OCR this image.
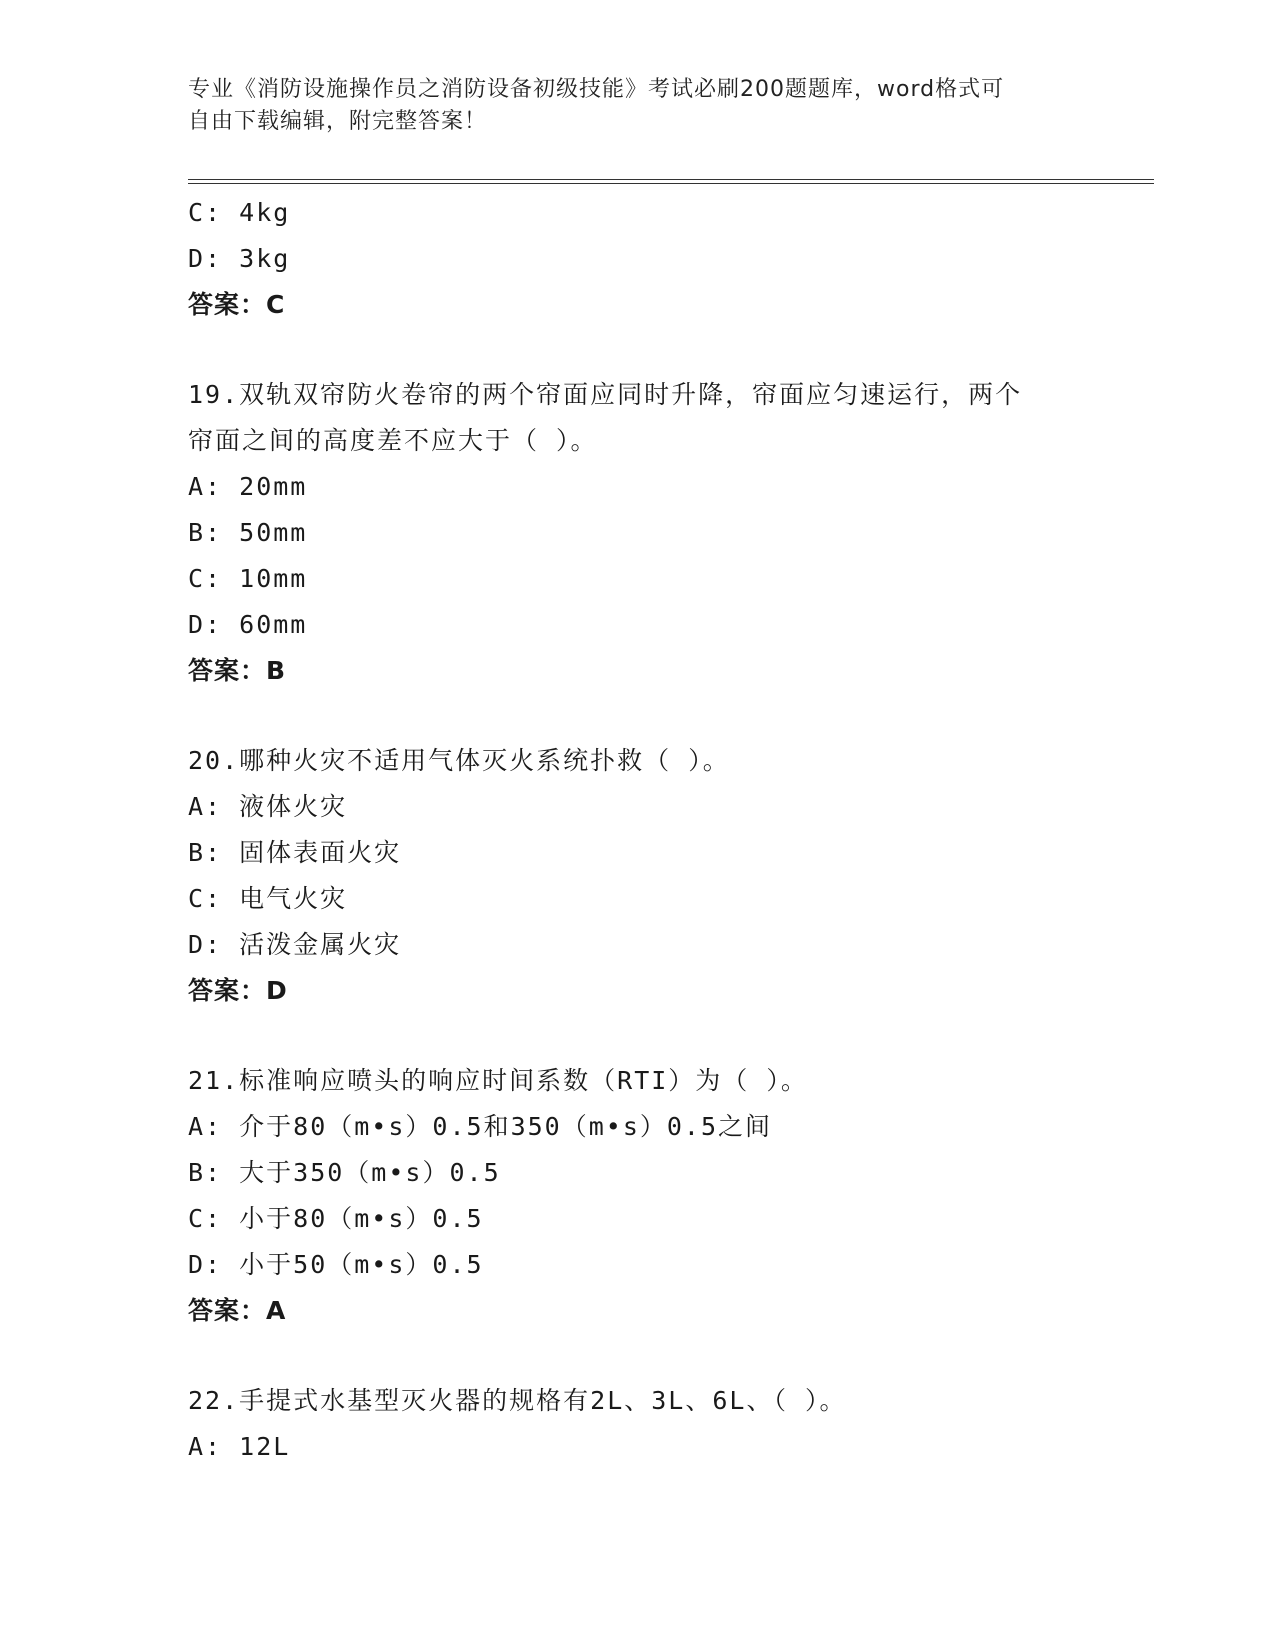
专业《消防设施操作员之消防设备初级技能》考试必刷200题题库，word格式可
自由下载编辑，附完整答案！
C: 4kg
D: 3kg
答案：C
19.双轨双帘防火卷帘的两个帘面应同时升降，帘面应匀速运行，两个
帘面之间的高度差不应大于（ ）。
A: 20mm
B: 50mm
C: 10mm
D: 60mm
答案：B
20.哪种火灾不适用气体灭火系统扑救（ ）。
A: 液体火灾
B: 固体表面火灾
C: 电气火灾
D: 活泼金属火灾
答案：D
21.标准响应喷头的响应时间系数（RTI）为（ ）。
A: 介于80（m•s）0.5和350（m•s）0.5之间
B: 大于350（m•s）0.5
C: 小于80（m•s）0.5
D: 小于50（m•s）0.5
答案：A
22.手提式水基型灭火器的规格有2L、3L、6L、（ ）。
A: 12L
